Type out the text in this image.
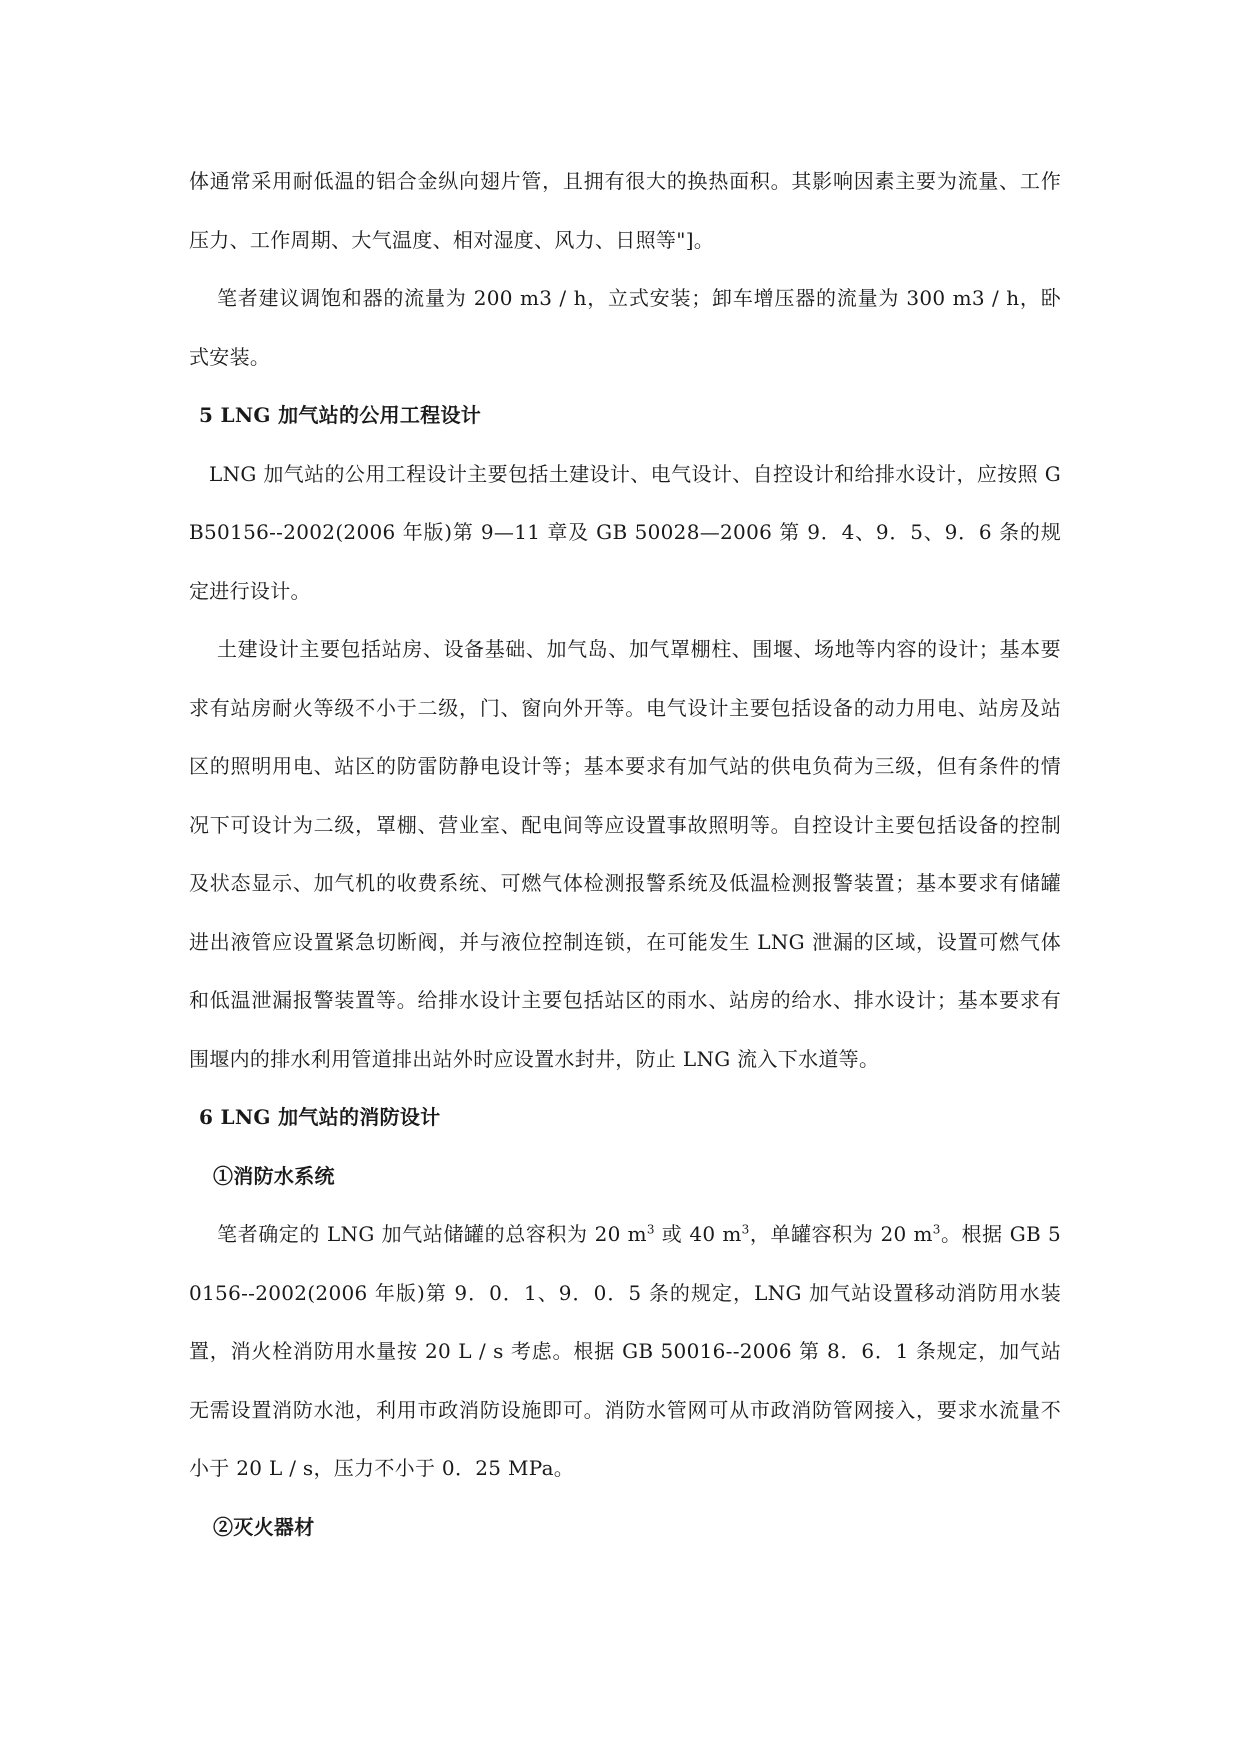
体通常采用耐低温的铝合金纵向翅片管，且拥有很大的换热面积。其影响因素主要为流量、工作压力、工作周期、大气温度、相对湿度、风力、日照等"]。

笔者建议调饱和器的流量为 200 m3 / h，立式安装；卸车增压器的流量为 300 m3 / h，卧式安装。

5 LNG 加气站的公用工程设计

LNG 加气站的公用工程设计主要包括土建设计、电气设计、自控设计和给排水设计，应按照 GB50156--2002(2006 年版)第 9—11 章及 GB 50028—2006 第 9．4、9．5、9．6 条的规定进行设计。

土建设计主要包括站房、设备基础、加气岛、加气罩棚柱、围堰、场地等内容的设计；基本要求有站房耐火等级不小于二级，门、窗向外开等。电气设计主要包括设备的动力用电、站房及站区的照明用电、站区的防雷防静电设计等；基本要求有加气站的供电负荷为三级，但有条件的情况下可设计为二级，罩棚、营业室、配电间等应设置事故照明等。自控设计主要包括设备的控制及状态显示、加气机的收费系统、可燃气体检测报警系统及低温检测报警装置；基本要求有储罐进出液管应设置紧急切断阀，并与液位控制连锁，在可能发生 LNG 泄漏的区域，设置可燃气体和低温泄漏报警装置等。给排水设计主要包括站区的雨水、站房的给水、排水设计；基本要求有围堰内的排水利用管道排出站外时应设置水封井，防止 LNG 流入下水道等。

6 LNG 加气站的消防设计
①消防水系统

笔者确定的 LNG 加气站储罐的总容积为 20 $m^3$ 或 40 $m^3$，单罐容积为 20 $m^3$。根据 GB 50156--2002(2006 年版)第 9．0．1、9．0．5 条的规定，LNG 加气站设置移动消防用水装置，消火栓消防用水量按 20 L / s 考虑。根据 GB 50016--2006 第 8．6．1 条规定，加气站无需设置消防水池，利用市政消防设施即可。消防水管网可从市政消防管网接入，要求水流量不小于 20 L / s，压力不小于 0．25 MPa。

②灭火器材
